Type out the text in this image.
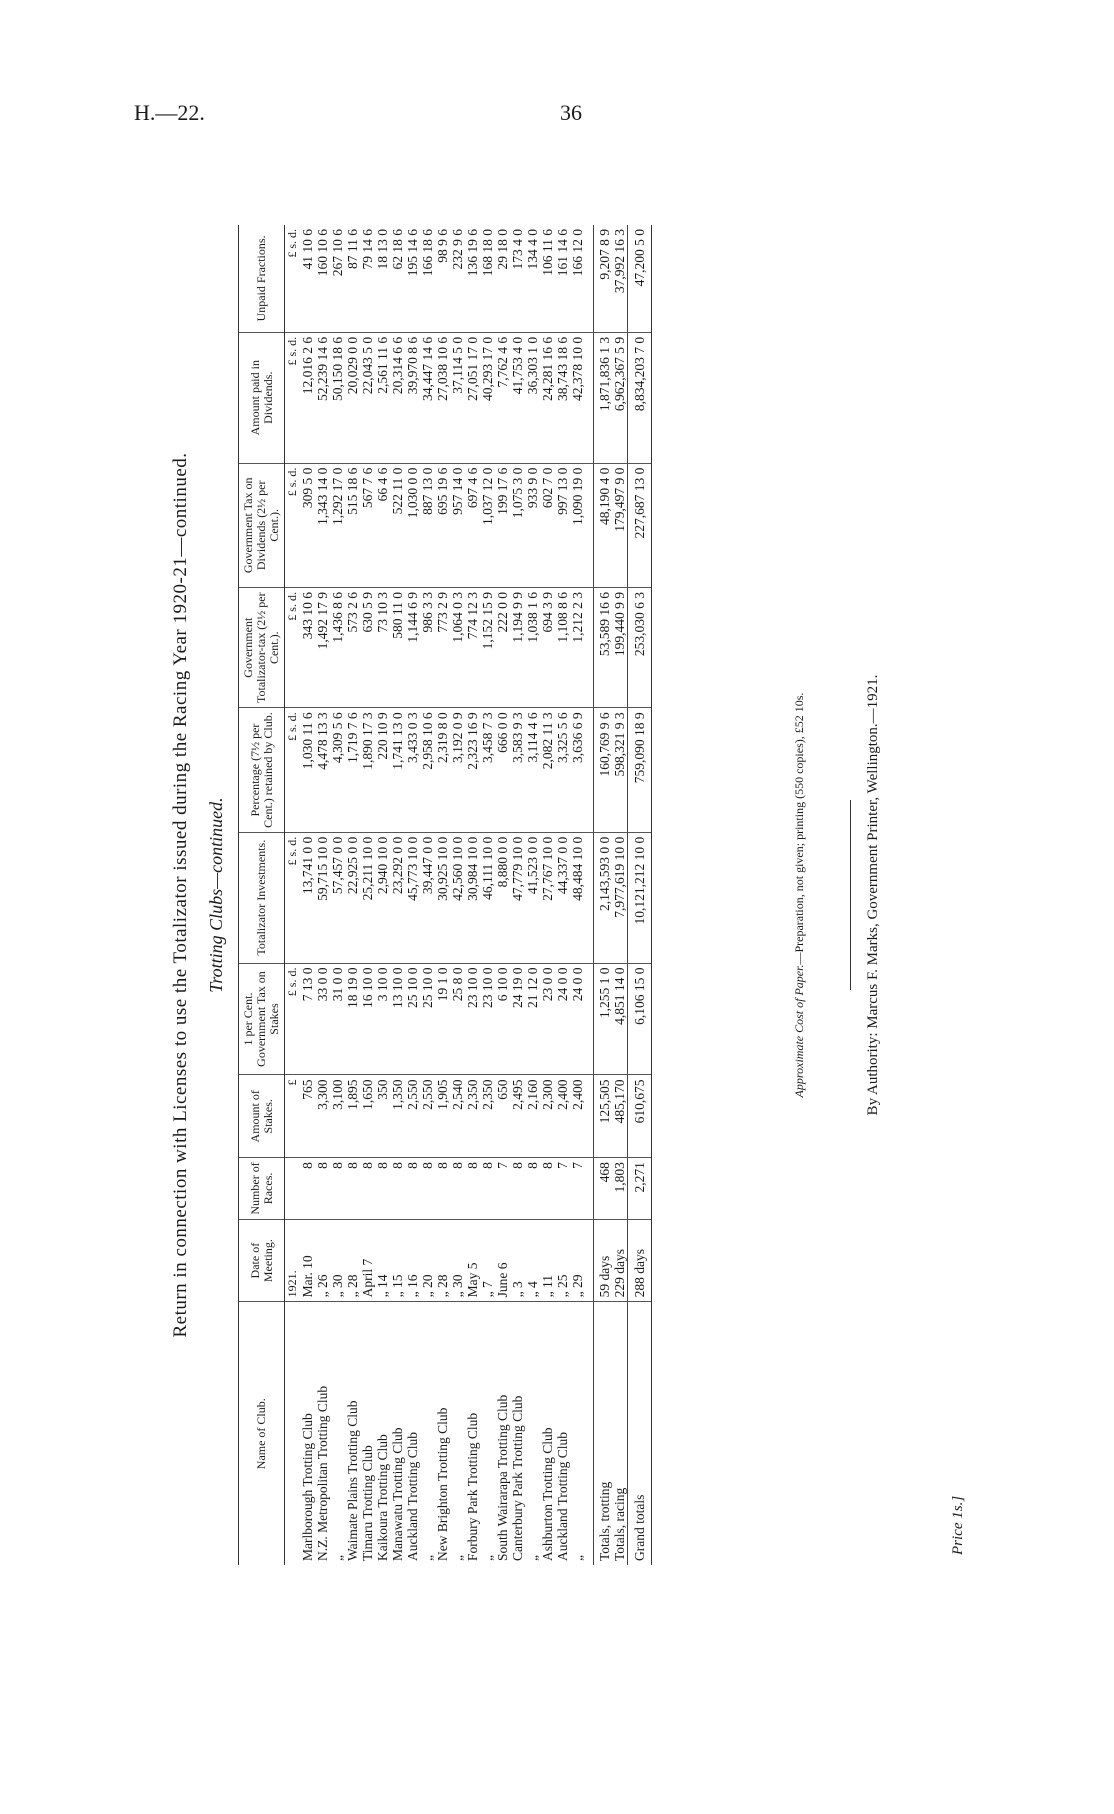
H.—22.	36
Return in connection with Licenses to use the Totalizator issued during the Racing Year 1920-21—continued. Trotting Clubs—continued.
Name of Club.	Date of Meeting.	Number of Races.	Amount of Stakes.	1 per Cent. Government Tax on Stakes	Totalizator Investments.	Percentage (7½ per Cent.) retained by Club.	Government Totalizator-tax (2½ per Cent.).	Government Tax on Dividends (2½ per Cent.).	Amount paid in Dividends.	Unpaid Fractions.
	1921.		£	£ s. d.	£ s. d.	£ s. d.	£ s. d.	£ s. d.	£ s. d.	£ s. d.
Marlborough Trotting Club	Mar. 10	8	765	7 13 0	13,741 0 0	1,030 11 6	343 10 6	309 5 0	12,016 2 6	41 10 6
N.Z. Metropolitan Trotting Club	„ 26	8	3,300	33 0 0	59,715 10 0	4,478 13 3	1,492 17 9	1,343 14 0	52,239 14 6	160 10 6
„	„ 30	8	3,100	31 0 0	57,457 0 0	4,309 5 6	1,436 8 6	1,292 17 0	50,150 18 6	267 10 6
Waimate Plains Trotting Club	„ 28	8	1,895	18 19 0	22,925 0 0	1,719 7 6	573 2 6	515 18 6	20,029 0 0	87 11 6
Timaru Trotting Club	April 7	8	1,650	16 10 0	25,211 10 0	1,890 17 3	630 5 9	567 7 6	22,043 5 0	79 14 6
Kaikoura Trotting Club	„ 14	8	350	3 10 0	2,940 10 0	220 10 9	73 10 3	66 4 6	2,561 11 6	18 13 0
Manawatu Trotting Club	„ 15	8	1,350	13 10 0	23,292 0 0	1,741 13 0	580 11 0	522 11 0	20,314 6 6	62 18 6
Auckland Trotting Club	„ 16	8	2,550	25 10 0	45,773 10 0	3,433 0 3	1,144 6 9	1,030 0 0	39,970 8 6	195 14 6
„	„ 20	8	2,550	25 10 0	39,447 0 0	2,958 10 6	986 3 3	887 13 0	34,447 14 6	166 18 6
New Brighton Trotting Club	„ 28	8	1,905	19 1 0	30,925 10 0	2,319 8 0	773 2 9	695 19 6	27,038 10 6	98 9 6
„	„ 30	8	2,540	25 8 0	42,560 10 0	3,192 0 9	1,064 0 3	957 14 0	37,114 5 0	232 9 6
Forbury Park Trotting Club	May 5	8	2,350	23 10 0	30,984 10 0	2,323 16 9	774 12 3	697 4 6	27,051 17 0	136 19 6
„	„ 7	8	2,350	23 10 0	46,111 10 0	3,458 7 3	1,152 15 9	1,037 12 0	40,293 17 0	168 18 0
South Wairarapa Trotting Club	June 6	7	650	6 10 0	8,880 0 0	666 0 0	222 0 0	199 17 6	7,762 4 6	29 18 0
Canterbury Park Trotting Club	„ 3	8	2,495	24 19 0	47,779 10 0	3,583 9 3	1,194 9 9	1,075 3 0	41,753 4 0	173 4 0
„	„ 4	8	2,160	21 12 0	41,523 0 0	3,114 4 6	1,038 1 6	933 9 0	36,303 1 0	134 4 0
Ashburton Trotting Club	„ 11	8	2,300	23 0 0	27,767 10 0	2,082 11 3	694 3 9	602 7 0	24,281 16 6	106 11 6
Auckland Trotting Club	„ 25	7	2,400	24 0 0	44,337 0 0	3,325 5 6	1,108 8 6	997 13 0	38,743 18 6	161 14 6
„	„ 29	7	2,400	24 0 0	48,484 10 0	3,636 6 9	1,212 2 3	1,090 19 0	42,378 10 0	166 12 0

Totals, trotting	59 days	468	125,505	1,255 1 0	2,143,593 0 0	160,769 9 6	53,589 16 6	48,190 4 0	1,871,836 1 3	9,207 8 9
Totals, racing	229 days	1,803	485,170	4,851 14 0	7,977,619 10 0	598,321 9 3	199,440 9 9	179,497 9 0	6,962,367 5 9	37,992 16 3
Grand totals	288 days	2,271	610,675	6,106 15 0	10,121,212 10 0	759,090 18 9	253,030 6 3	227,687 13 0	8,834,203 7 0	47,200 5 0
Approximate Cost of Paper.—Preparation, not given; printing (550 copies), £52 10s.	By Authority: Marcus F. Marks, Government Printer, Wellington.—1921.
Price 1s.]
